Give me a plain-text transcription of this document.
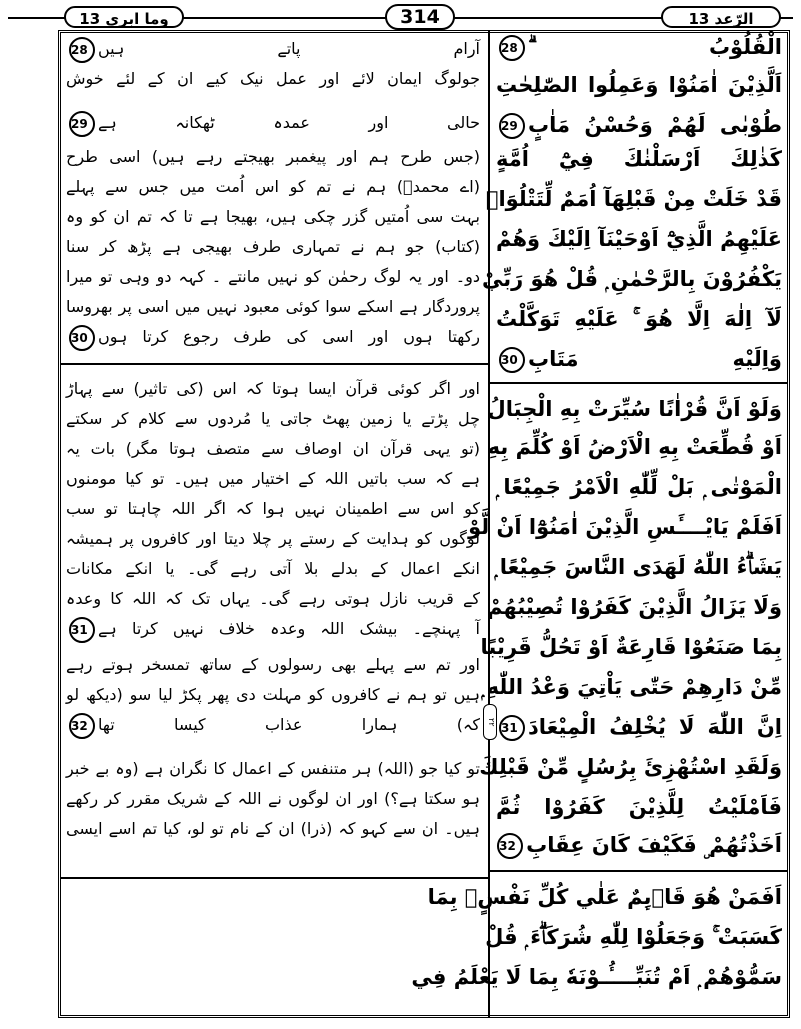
وما ابری 13	314	الرّعد 13
۲۲
آرام پاتے ہیں28
جولوگ ایمان لائے اور عمل نیک کیے ان کے لئے خوش
حالی اور عمدہ ٹھکانہ ہے29
(جس طرح ہم اور پیغمبر بھیجتے رہے ہیں) اسی طرح
(اے محمدؐ) ہم نے تم کو اس اُمت میں جس سے پہلے
بہت سی اُمتیں گزر چکی ہیں، بھیجا ہے تا کہ تم ان کو وہ
(کتاب) جو ہم نے تمہاری طرف بھیجی ہے پڑھ کر سنا
دو۔ اور یہ لوگ رحمٰن کو نہیں مانتے ۔ کہہ دو وہی تو میرا
پروردگار ہے اسکے سوا کوئی معبود نہیں میں اسی پر بھروسا
رکھتا ہوں اور اسی کی طرف رجوع کرتا ہوں30
اور اگر کوئی قرآن ایسا ہوتا کہ اس (کی تاثیر) سے پہاڑ
چل پڑتے یا زمین پھٹ جاتی یا مُردوں سے کلام کر سکتے
(تو یہی قرآن ان اوصاف سے متصف ہوتا مگر) بات یہ
ہے کہ سب باتیں اللہ کے اختیار میں ہیں۔ تو کیا مومنوں
کو اس سے اطمینان نہیں ہوا کہ اگر اللہ چاہتا تو سب
لوگوں کو ہدایت کے رستے پر چلا دیتا اور کافروں پر ہمیشہ
انکے اعمال کے بدلے بلا آتی رہے گی۔ یا انکے مکانات
کے قریب نازل ہوتی رہے گی۔ یہاں تک کہ اللہ کا وعدہ
آ پہنچے۔ بیشک اللہ وعدہ خلاف نہیں کرتا ہے31
اور تم سے پہلے بھی رسولوں کے ساتھ تمسخر ہوتے رہے
ہیں تو ہم نے کافروں کو مہلت دی پھر پکڑ لیا سو (دیکھ لو
کہ) ہمارا عذاب کیسا تھا32
تو کیا جو (اللہ) ہر متنفس کے اعمال کا نگران ہے (وہ بے خبر
ہو سکتا ہے؟) اور ان لوگوں نے اللہ کے شریک مقرر کر رکھے
ہیں۔ ان سے کہو کہ (ذرا) ان کے نام تو لو، کیا تم اسے ایسی
الْقُلُوْبُ ۗ28
اَلَّذِيْنَ اٰمَنُوْا وَعَمِلُوا الصّٰلِحٰتِ
طُوْبٰى لَهُمْ وَحُسْنُ مَاٰبٍ29
كَذٰلِكَ اَرْسَلْنٰكَ فِيْٓ اُمَّةٍ
قَدْ خَلَتْ مِنْ قَبْلِهَآ اُمَمٌ لِّتَتْلُوَاۡ
عَلَيْهِمُ الَّذِيْٓ اَوْحَيْنَآ اِلَيْكَ وَهُمْ
يَكْفُرُوْنَ بِالرَّحْمٰنِ ۭ قُلْ هُوَ رَبِّيْ
لَآ اِلٰهَ اِلَّا هُوَ ۚ عَلَيْهِ تَوَكَّلْتُ
وَاِلَيْهِ مَتَابِ30
وَلَوْ اَنَّ قُرْاٰنًا سُيِّرَتْ بِهِ الْجِبَالُ
اَوْ قُطِّعَتْ بِهِ الْاَرْضُ اَوْ كُلِّمَ بِهِ
الْمَوْتٰى ۭ بَلْ لِّلّٰهِ الْاَمْرُ جَمِيْعًا ۭ
اَفَلَمْ يَايْــــَٔسِ الَّذِيْنَ اٰمَنُوْٓا اَنْ لَّوْ
يَشَاۗءُ اللّٰهُ لَهَدَى النَّاسَ جَمِيْعًا ۭ
وَلَا يَزَالُ الَّذِيْنَ كَفَرُوْا تُصِيْبُهُمْ
بِمَا صَنَعُوْا قَارِعَةٌ اَوْ تَحُلُّ قَرِيْبًا
مِّنْ دَارِهِمْ حَتّٰى يَاْتِيَ وَعْدُ اللّٰهِ ۭ
اِنَّ اللّٰهَ لَا يُخْلِفُ الْمِيْعَادَ31
وَلَقَدِ اسْتُهْزِئَ بِرُسُلٍ مِّنْ قَبْلِكَ
فَاَمْلَيْتُ لِلَّذِيْنَ كَفَرُوْا ثُمَّ
اَخَذْتُهُمْ ۣ فَكَيْفَ كَانَ عِقَابِ32
اَفَمَنْ هُوَ قَاۗىِٕمٌ عَلٰي كُلِّ نَفْسٍۢ بِمَا
كَسَبَتْ ۚ وَجَعَلُوْا لِلّٰهِ شُرَكَاۗءَ ۭ قُلْ
سَمُّوْهُمْ ۭ اَمْ تُنَبِّــــُٔـوْنَهٗ بِمَا لَا يَعْلَمُ فِي
